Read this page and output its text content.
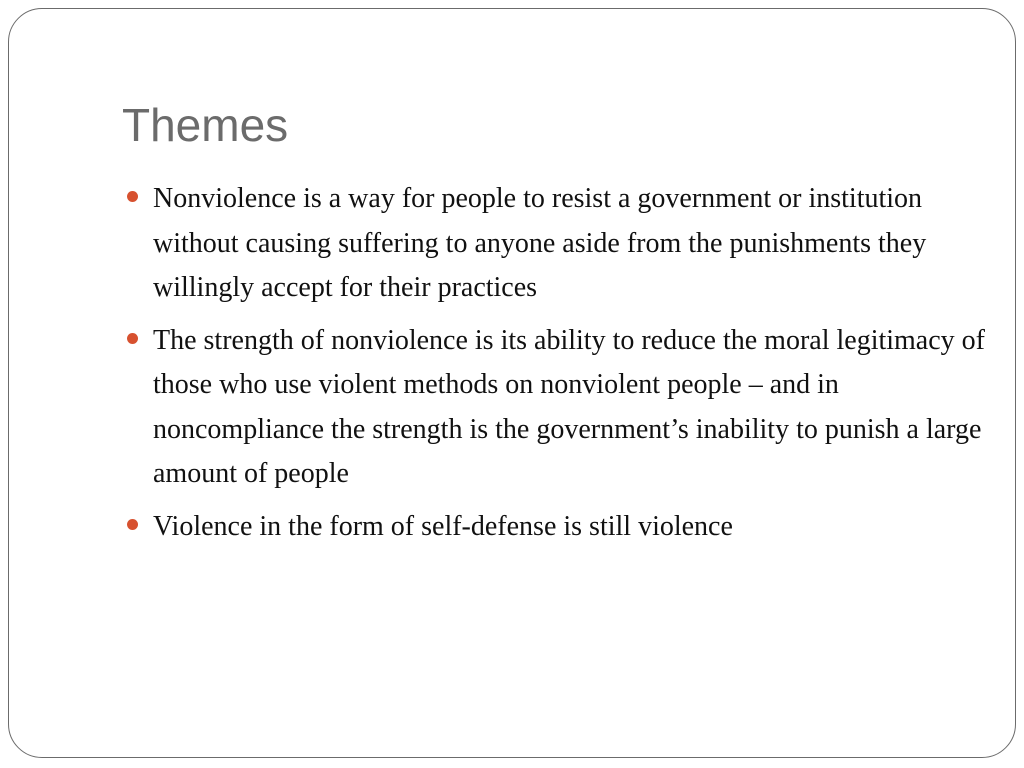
Themes
Nonviolence is a way for people to resist a government or institution without causing suffering to anyone aside from the punishments they willingly accept for their practices
The strength of nonviolence is its ability to reduce the moral legitimacy of those who use violent methods on nonviolent people – and in noncompliance the strength is the government’s inability to punish a large amount of people
Violence in the form of self-defense is still violence
